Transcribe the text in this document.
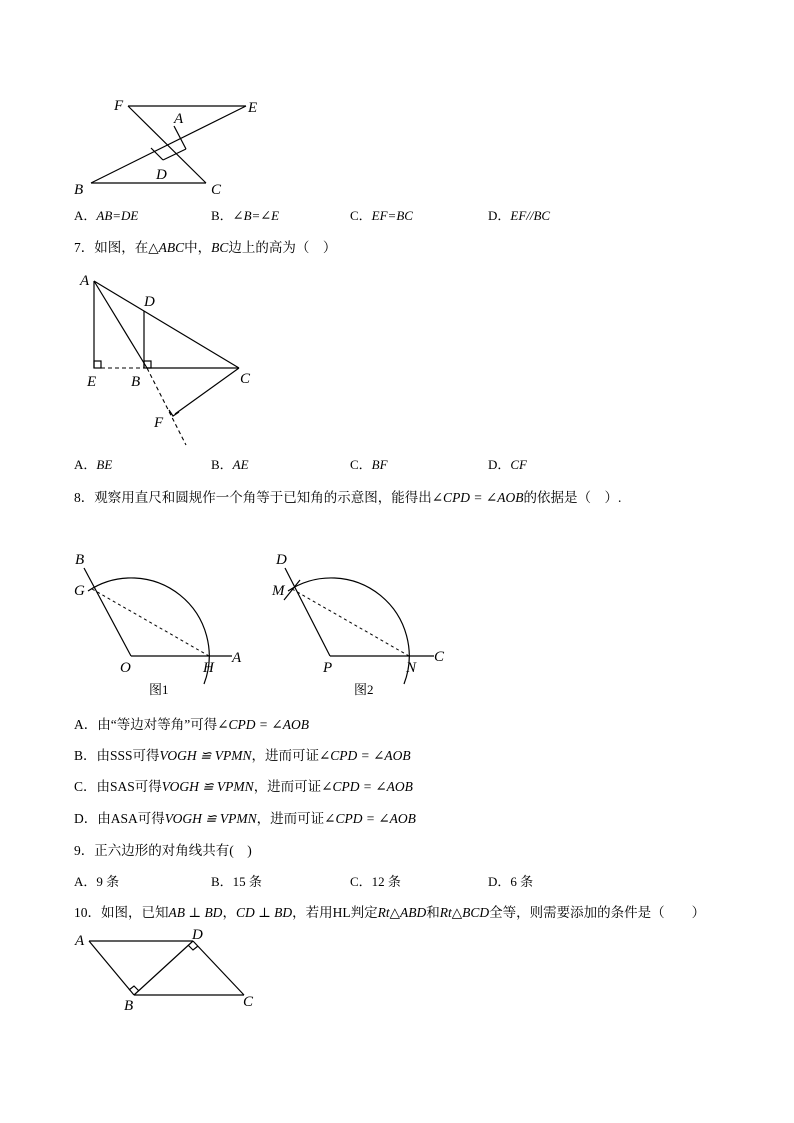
F	E
A
D
B	C
A．AB=DE	B．∠B=∠E	C．EF=BC	D．EF//BC
7．如图，在△ABC中，BC边上的高为（　）
A
D
E B	C
F
A．BE	B．AE	C．BF	D．CF
8．观察用直尺和圆规作一个角等于已知角的示意图，能得出∠CPD = ∠AOB的依据是（　）.
B
G
O	H
A
图1
D
M
P	N
C
图2
A．由“等边对等角”可得∠CPD = ∠AOB
B．由SSS可得VOGH ≌ VPMN，进而可证∠CPD = ∠AOB
C．由SAS可得VOGH ≌ VPMN，进而可证∠CPD = ∠AOB
D．由ASA可得VOGH ≌ VPMN，进而可证∠CPD = ∠AOB
9．正六边形的对角线共有(　)
A．9 条	B．15 条	C．12 条	D．6 条
10．如图，已知AB ⊥ BD，CD ⊥ BD，若用HL判定Rt△ABD和Rt△BCD全等，则需要添加的条件是（　　）
A	D
B	C
